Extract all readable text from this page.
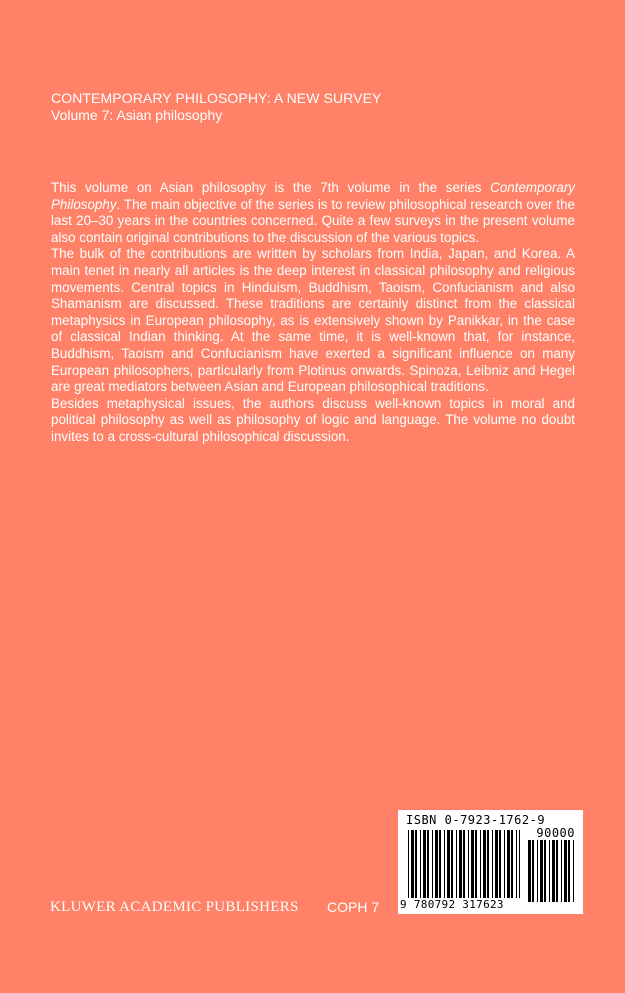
CONTEMPORARY PHILOSOPHY: A NEW SURVEY
Volume 7: Asian philosophy

This volume on Asian philosophy is the 7th volume in the series Contemporary Philosophy. The main objective of the series is to review philosophical research over the last 20–30 years in the countries concerned. Quite a few surveys in the present volume also contain original contributions to the discussion of the various topics.

The bulk of the contributions are written by scholars from India, Japan, and Korea. A main tenet in nearly all articles is the deep interest in classical philosophy and religious movements. Central topics in Hinduism, Buddhism, Taoism, Confucianism and also Shamanism are discussed. These traditions are certainly distinct from the classical metaphysics in European philosophy, as is extensively shown by Panikkar, in the case of classical Indian thinking. At the same time, it is well-known that, for instance, Buddhism, Taoism and Confucianism have exerted a significant influence on many European philosophers, particularly from Plotinus onwards. Spinoza, Leibniz and Hegel are great mediators between Asian and European philosophical traditions.

Besides metaphysical issues, the authors discuss well-known topics in moral and political philosophy as well as philosophy of logic and language. The volume no doubt invites to a cross-cultural philosophical discussion.

KLUWER ACADEMIC PUBLISHERS COPH 7
ISBN 0-7923-1762-9
90000
9 780792 317623
